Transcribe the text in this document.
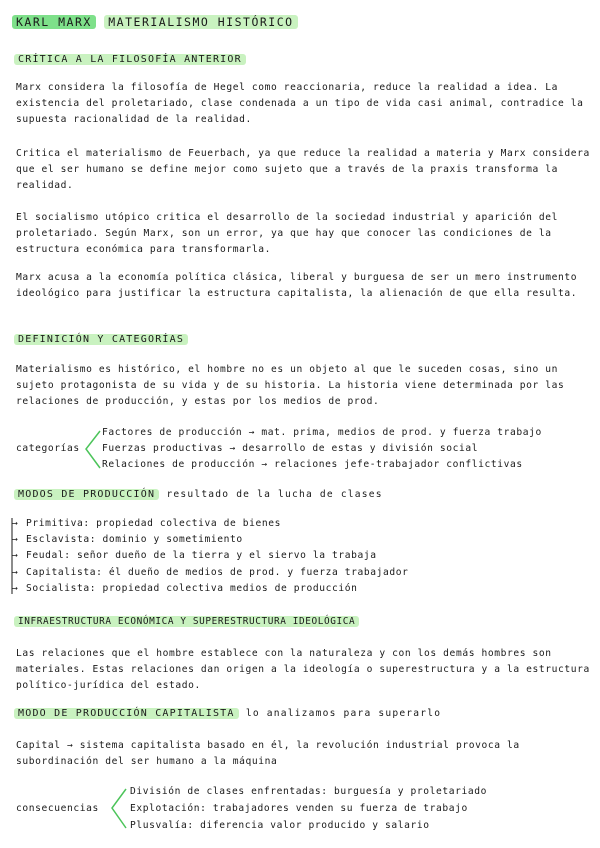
KARL MARX MATERIALISMO HISTÓRICO
CRÍTICA A LA FILOSOFÍA ANTERIOR
Marx considera la filosofía de Hegel como reaccionaria, reduce la realidad a idea. La existencia del proletariado, clase condenada a un tipo de vida casi animal, contradice la supuesta racionalidad de la realidad.
Critica el materialismo de Feuerbach, ya que reduce la realidad a materia y Marx considera que el ser humano se define mejor como sujeto que a través de la praxis transforma la realidad.
El socialismo utópico critica el desarrollo de la sociedad industrial y aparición del proletariado. Según Marx, son un error, ya que hay que conocer las condiciones de la estructura económica para transformarla.
Marx acusa a la economía política clásica, liberal y burguesa de ser un mero instrumento ideológico para justificar la estructura capitalista, la alienación de que ella resulta.
DEFINICIÓN Y CATEGORÍAS
Materialismo es histórico, el hombre no es un objeto al que le suceden cosas, sino un sujeto protagonista de su vida y de su historia. La historia viene determinada por las relaciones de producción, y estas por los medios de prod.
categorías
Factores de producción → mat. prima, medios de prod. y fuerza trabajo
Fuerzas productivas → desarrollo de estas y división social
Relaciones de producción → relaciones jefe-trabajador conflictivas
MODOS DE PRODUCCIÓN resultado de la lucha de clases
→ Primitiva: propiedad colectiva de bienes
→ Esclavista: dominio y sometimiento
→ Feudal: señor dueño de la tierra y el siervo la trabaja
→ Capitalista: él dueño de medios de prod. y fuerza trabajador
→ Socialista: propiedad colectiva medios de producción
INFRAESTRUCTURA ECONÓMICA Y SUPERESTRUCTURA IDEOLÓGICA
Las relaciones que el hombre establece con la naturaleza y con los demás hombres son materiales. Estas relaciones dan origen a la ideología o superestructura y a la estructura político-jurídica del estado.
MODO DE PRODUCCIÓN CAPITALISTA lo analizamos para superarlo
Capital → sistema capitalista basado en él, la revolución industrial provoca la subordinación del ser humano a la máquina
consecuencias
División de clases enfrentadas: burguesía y proletariado
Explotación: trabajadores venden su fuerza de trabajo
Plusvalía: diferencia valor producido y salario
